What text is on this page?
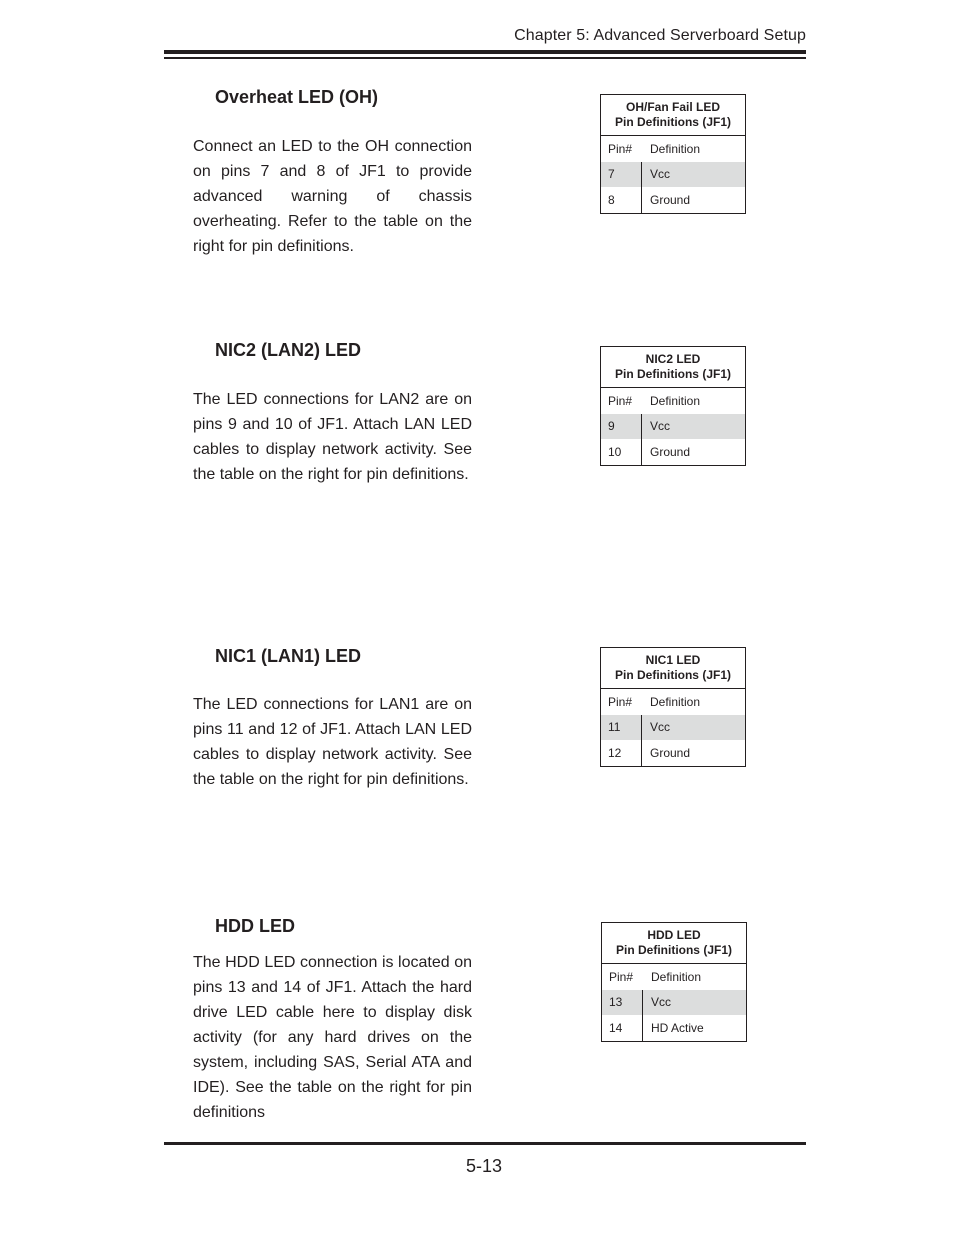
Chapter 5: Advanced Serverboard Setup
Overheat LED (OH)
Connect an LED to the OH connection on pins 7 and 8 of JF1 to provide advanced warning of chassis overheating. Refer to the table on the right for pin definitions.
OH/Fan Fail LED
Pin Definitions (JF1)
Pin#	Definition
7	Vcc
8	Ground
NIC2 (LAN2) LED
The LED connections for LAN2 are on pins 9 and 10 of JF1. Attach LAN LED cables to display network activity. See the table on the right for pin definitions.
NIC2 LED
Pin Definitions (JF1)
Pin#	Definition
9	Vcc
10	Ground
NIC1 (LAN1) LED
The LED connections for LAN1 are on pins 11 and 12 of JF1. Attach LAN LED cables to display network activity. See the table on the right for pin definitions.
NIC1 LED
Pin Definitions (JF1)
Pin#	Definition
11	Vcc
12	Ground
HDD LED
The HDD LED connection is located on pins 13 and 14 of JF1. Attach the hard drive LED cable here to display disk activity (for any hard drives on the system, including SAS, Serial ATA and IDE). See the table on the right for pin definitions
HDD LED
Pin Definitions (JF1)
Pin#	Definition
13	Vcc
14	HD Active
5-13
